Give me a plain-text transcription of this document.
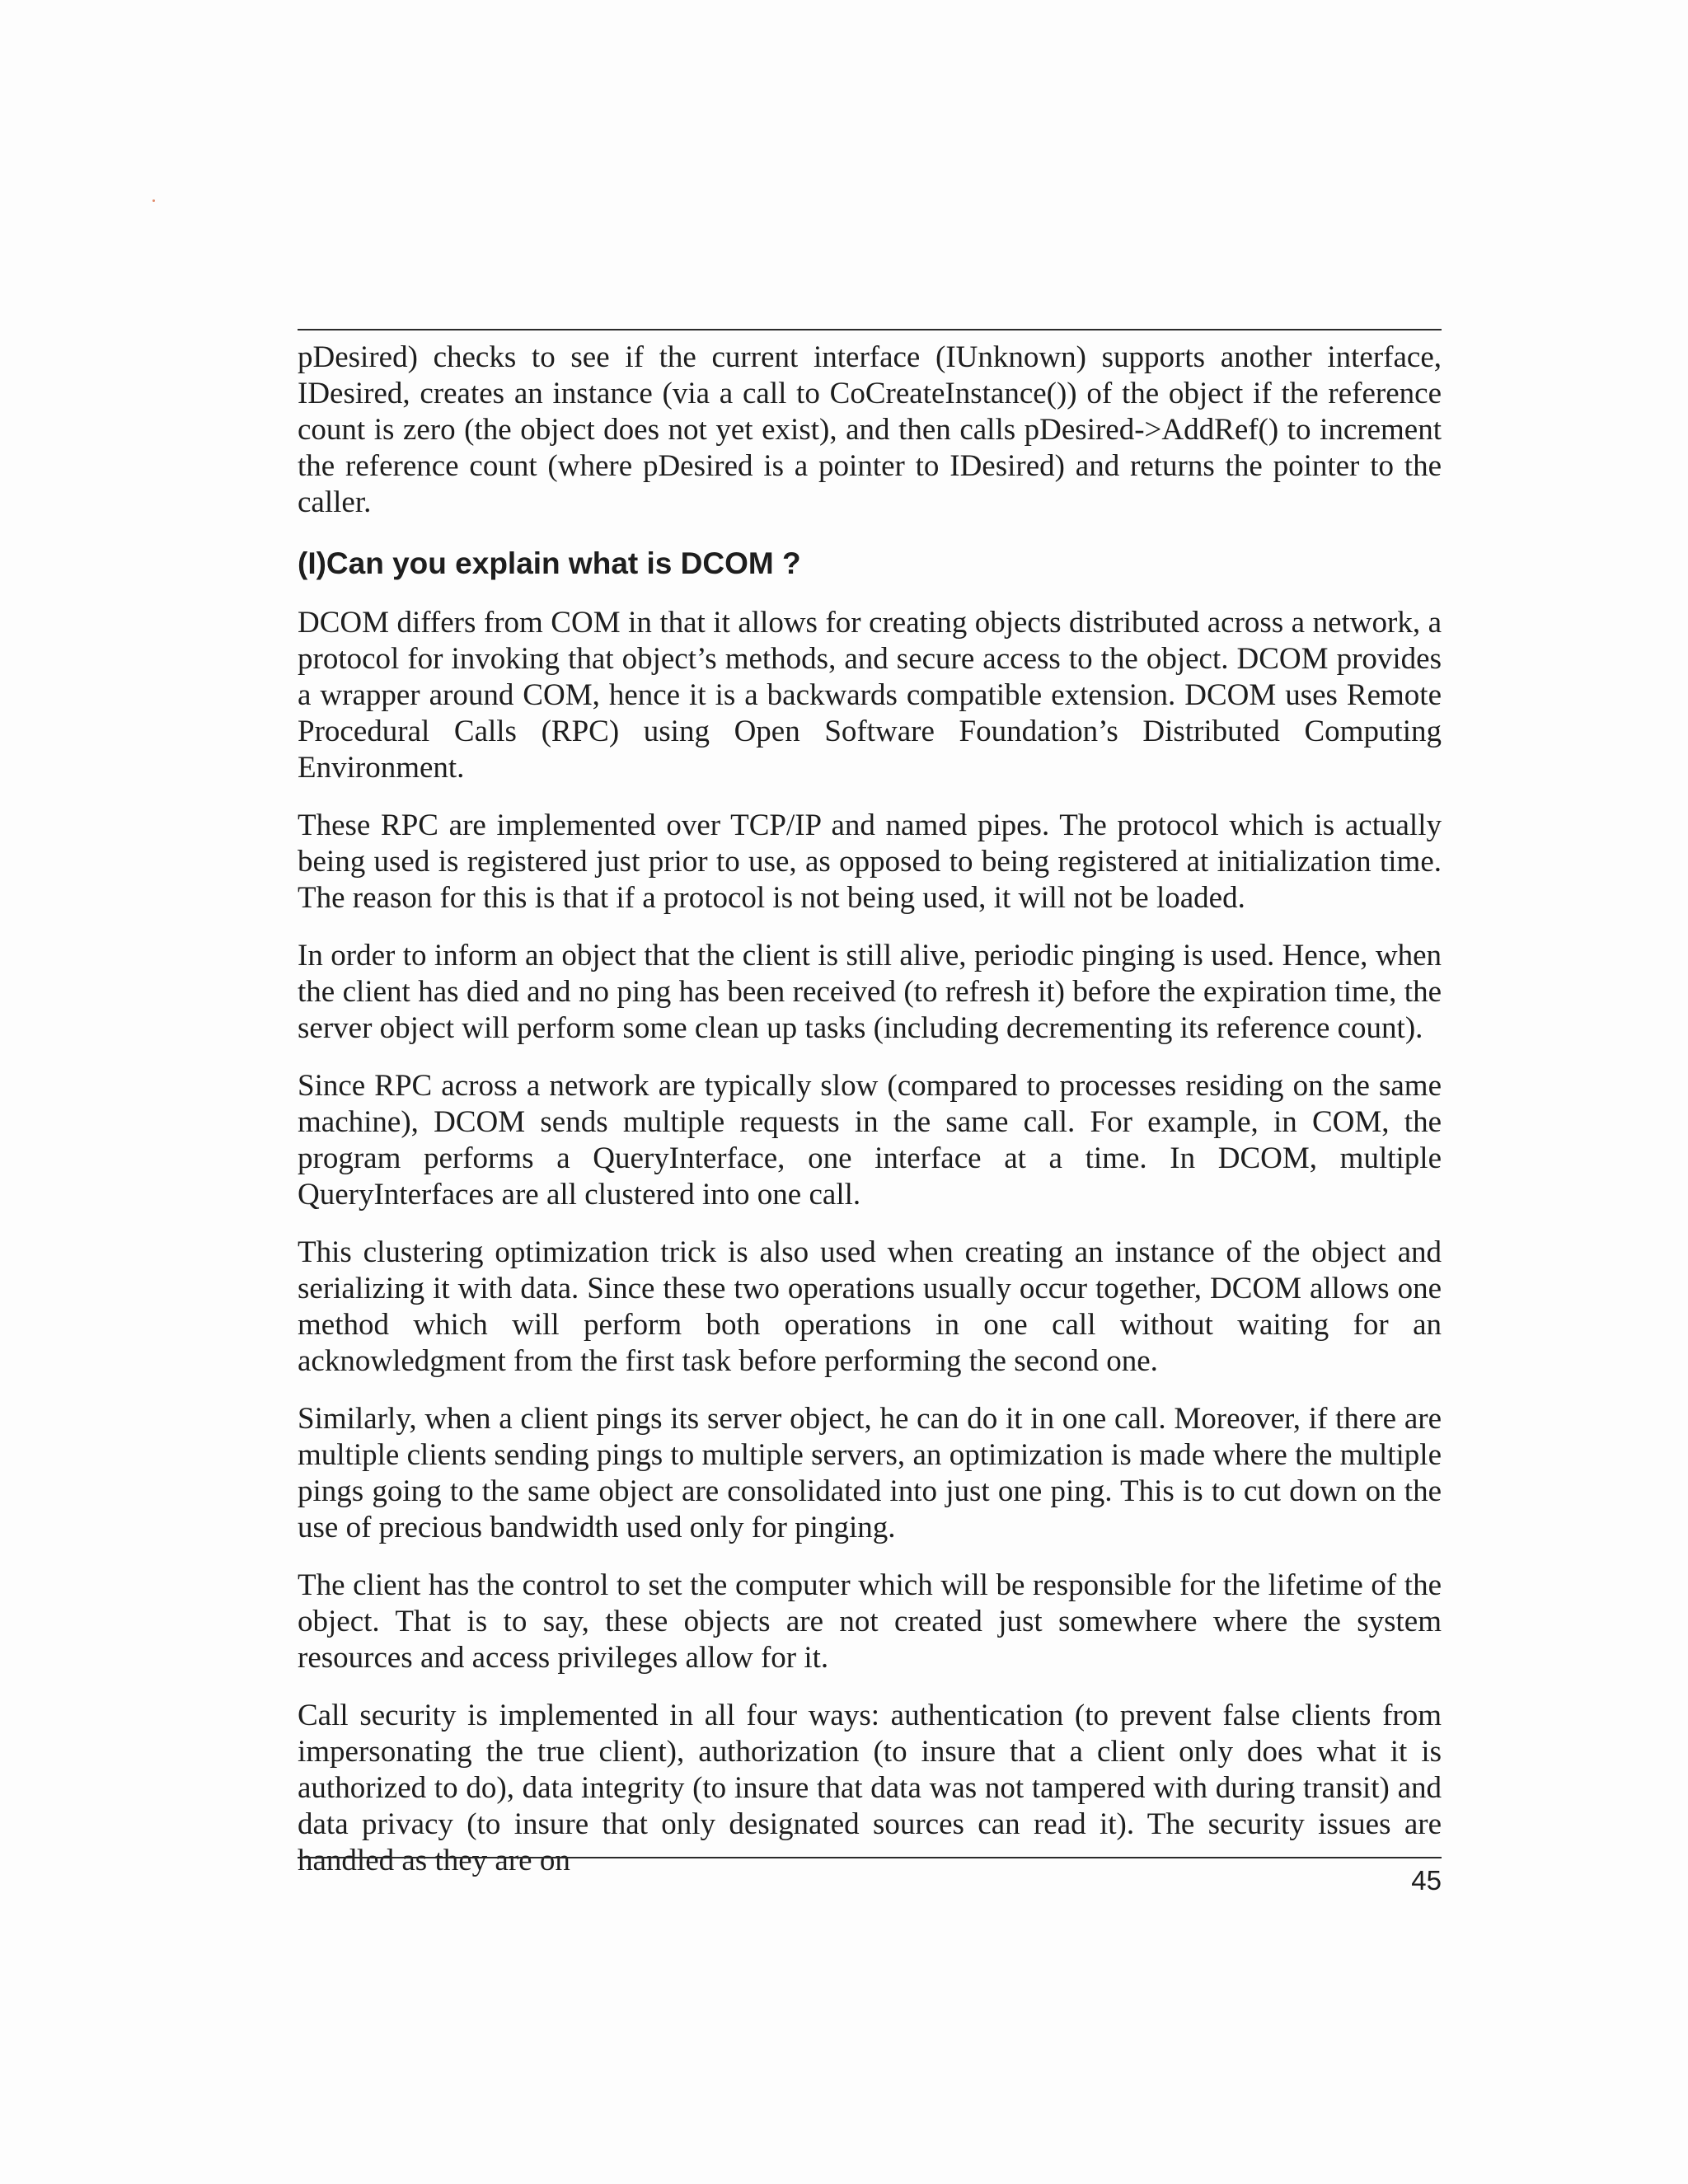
pDesired) checks to see if the current interface (IUnknown) supports another interface, IDesired, creates an instance (via a call to CoCreateInstance()) of the object if the reference count is zero (the object does not yet exist), and then calls pDesired->AddRef() to increment the reference count (where pDesired is a pointer to IDesired) and returns the pointer to the caller.

(I)Can you explain what is DCOM ?

DCOM differs from COM in that it allows for creating objects distributed across a network, a protocol for invoking that object’s methods, and secure access to the object. DCOM provides a wrapper around COM, hence it is a backwards compatible extension. DCOM uses Remote Procedural Calls (RPC) using Open Software Foundation’s Distributed Computing Environment.

These RPC are implemented over TCP/IP and named pipes. The protocol which is actually being used is registered just prior to use, as opposed to being registered at initialization time. The reason for this is that if a protocol is not being used, it will not be loaded.

In order to inform an object that the client is still alive, periodic pinging is used. Hence, when the client has died and no ping has been received (to refresh it) before the expiration time, the server object will perform some clean up tasks (including decrementing its reference count).

Since RPC across a network are typically slow (compared to processes residing on the same machine), DCOM sends multiple requests in the same call. For example, in COM, the program performs a QueryInterface, one interface at a time. In DCOM, multiple QueryInterfaces are all clustered into one call.

This clustering optimization trick is also used when creating an instance of the object and serializing it with data. Since these two operations usually occur together, DCOM allows one method which will perform both operations in one call without waiting for an acknowledgment from the first task before performing the second one.

Similarly, when a client pings its server object, he can do it in one call. Moreover, if there are multiple clients sending pings to multiple servers, an optimization is made where the multiple pings going to the same object are consolidated into just one ping. This is to cut down on the use of precious bandwidth used only for pinging.

The client has the control to set the computer which will be responsible for the lifetime of the object. That is to say, these objects are not created just somewhere where the system resources and access privileges allow for it.

Call security is implemented in all four ways: authentication (to prevent false clients from impersonating the true client), authorization (to insure that a client only does what it is authorized to do), data integrity (to insure that data was not tampered with during transit) and data privacy (to insure that only designated sources can read it). The security issues are handled as they are on

45
